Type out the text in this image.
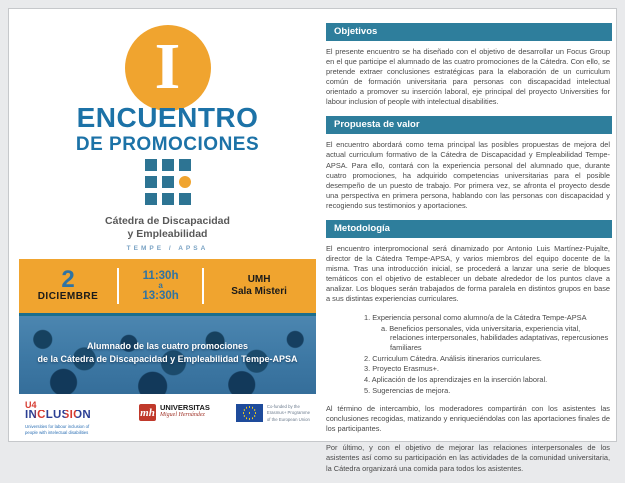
I
ENCUENTRO
DE PROMOCIONES
Cátedra de Discapacidad
y Empleabilidad
TEMPE / APSA
2
DICIEMBRE
11:30h
a
13:30h
UMH
Sala Misteri
Alumnado de las cuatro promociones
de la Cátedra de Discapacidad y Empleabilidad Tempe-APSA
U4
INCLUSION
Universities for labour inclusion of
people with intelectual disabilities
mh UNIVERSITAS
Miguel Hernández
Co-funded by the
Erasmus+ Programme
of the European Union
Objetivos
El presente encuentro se ha diseñado con el objetivo de desarrollar un Focus Group en el que participe el alumnado de las cuatro promociones de la Cátedra. Con ello, se pretende extraer conclusiones estratégicas para la elaboración de un curriculum común de formación universitaria para personas con discapacidad intelectual orientado a promover su inserción laboral, eje principal del proyecto Universities for labour inclusion of people with intelectual disabilities.
Propuesta de valor
El encuentro abordará como tema principal las posibles propuestas de mejora del actual curriculum formativo de la Cátedra de Discapacidad y Empleabilidad Tempe-APSA. Para ello, contará con la experiencia personal del alumnado que, durante cuatro promociones, ha adquirido competencias universitarias para el posible desempeño de un puesto de trabajo. Por primera vez, se afronta el proyecto desde una perspectiva en primera persona, hablando con las personas con discapacidad y recogiendo sus testimonios y aportaciones.
Metodología
El encuentro interpromocional será dinamizado por Antonio Luis Martínez-Pujalte, director de la Cátedra Tempe-APSA, y varios miembros del equipo docente de la misma. Tras una introducción inicial, se procederá a lanzar una serie de bloques temáticos con el objetivo de establecer un debate alrededor de los puntos clave a analizar. Los bloques serán trabajados de forma paralela en distintos grupos en base a sus distintas experiencias curriculares.
1. Experiencia personal como alumno/a de la Cátedra Tempe-APSA
a. Beneficios personales, vida universitaria, experiencia vital, relaciones interpersonales, habilidades adaptativas, repercusiones familiares
2. Curriculum Cátedra. Análisis itinerarios curriculares.
3. Proyecto Erasmus+.
4. Aplicación de los aprendizajes en la inserción laboral.
5. Sugerencias de mejora.
Al término de intercambio, los moderadores compartirán con los asistentes las conclusiones recogidas, matizando y enriqueciéndolas con las aportaciones finales de los participantes.
Por último, y con el objetivo de mejorar las relaciones interpersonales de los asistentes así como su participación en las actividades de la comunidad universitaria, la Cátedra organizará una comida para todos los asistentes.
